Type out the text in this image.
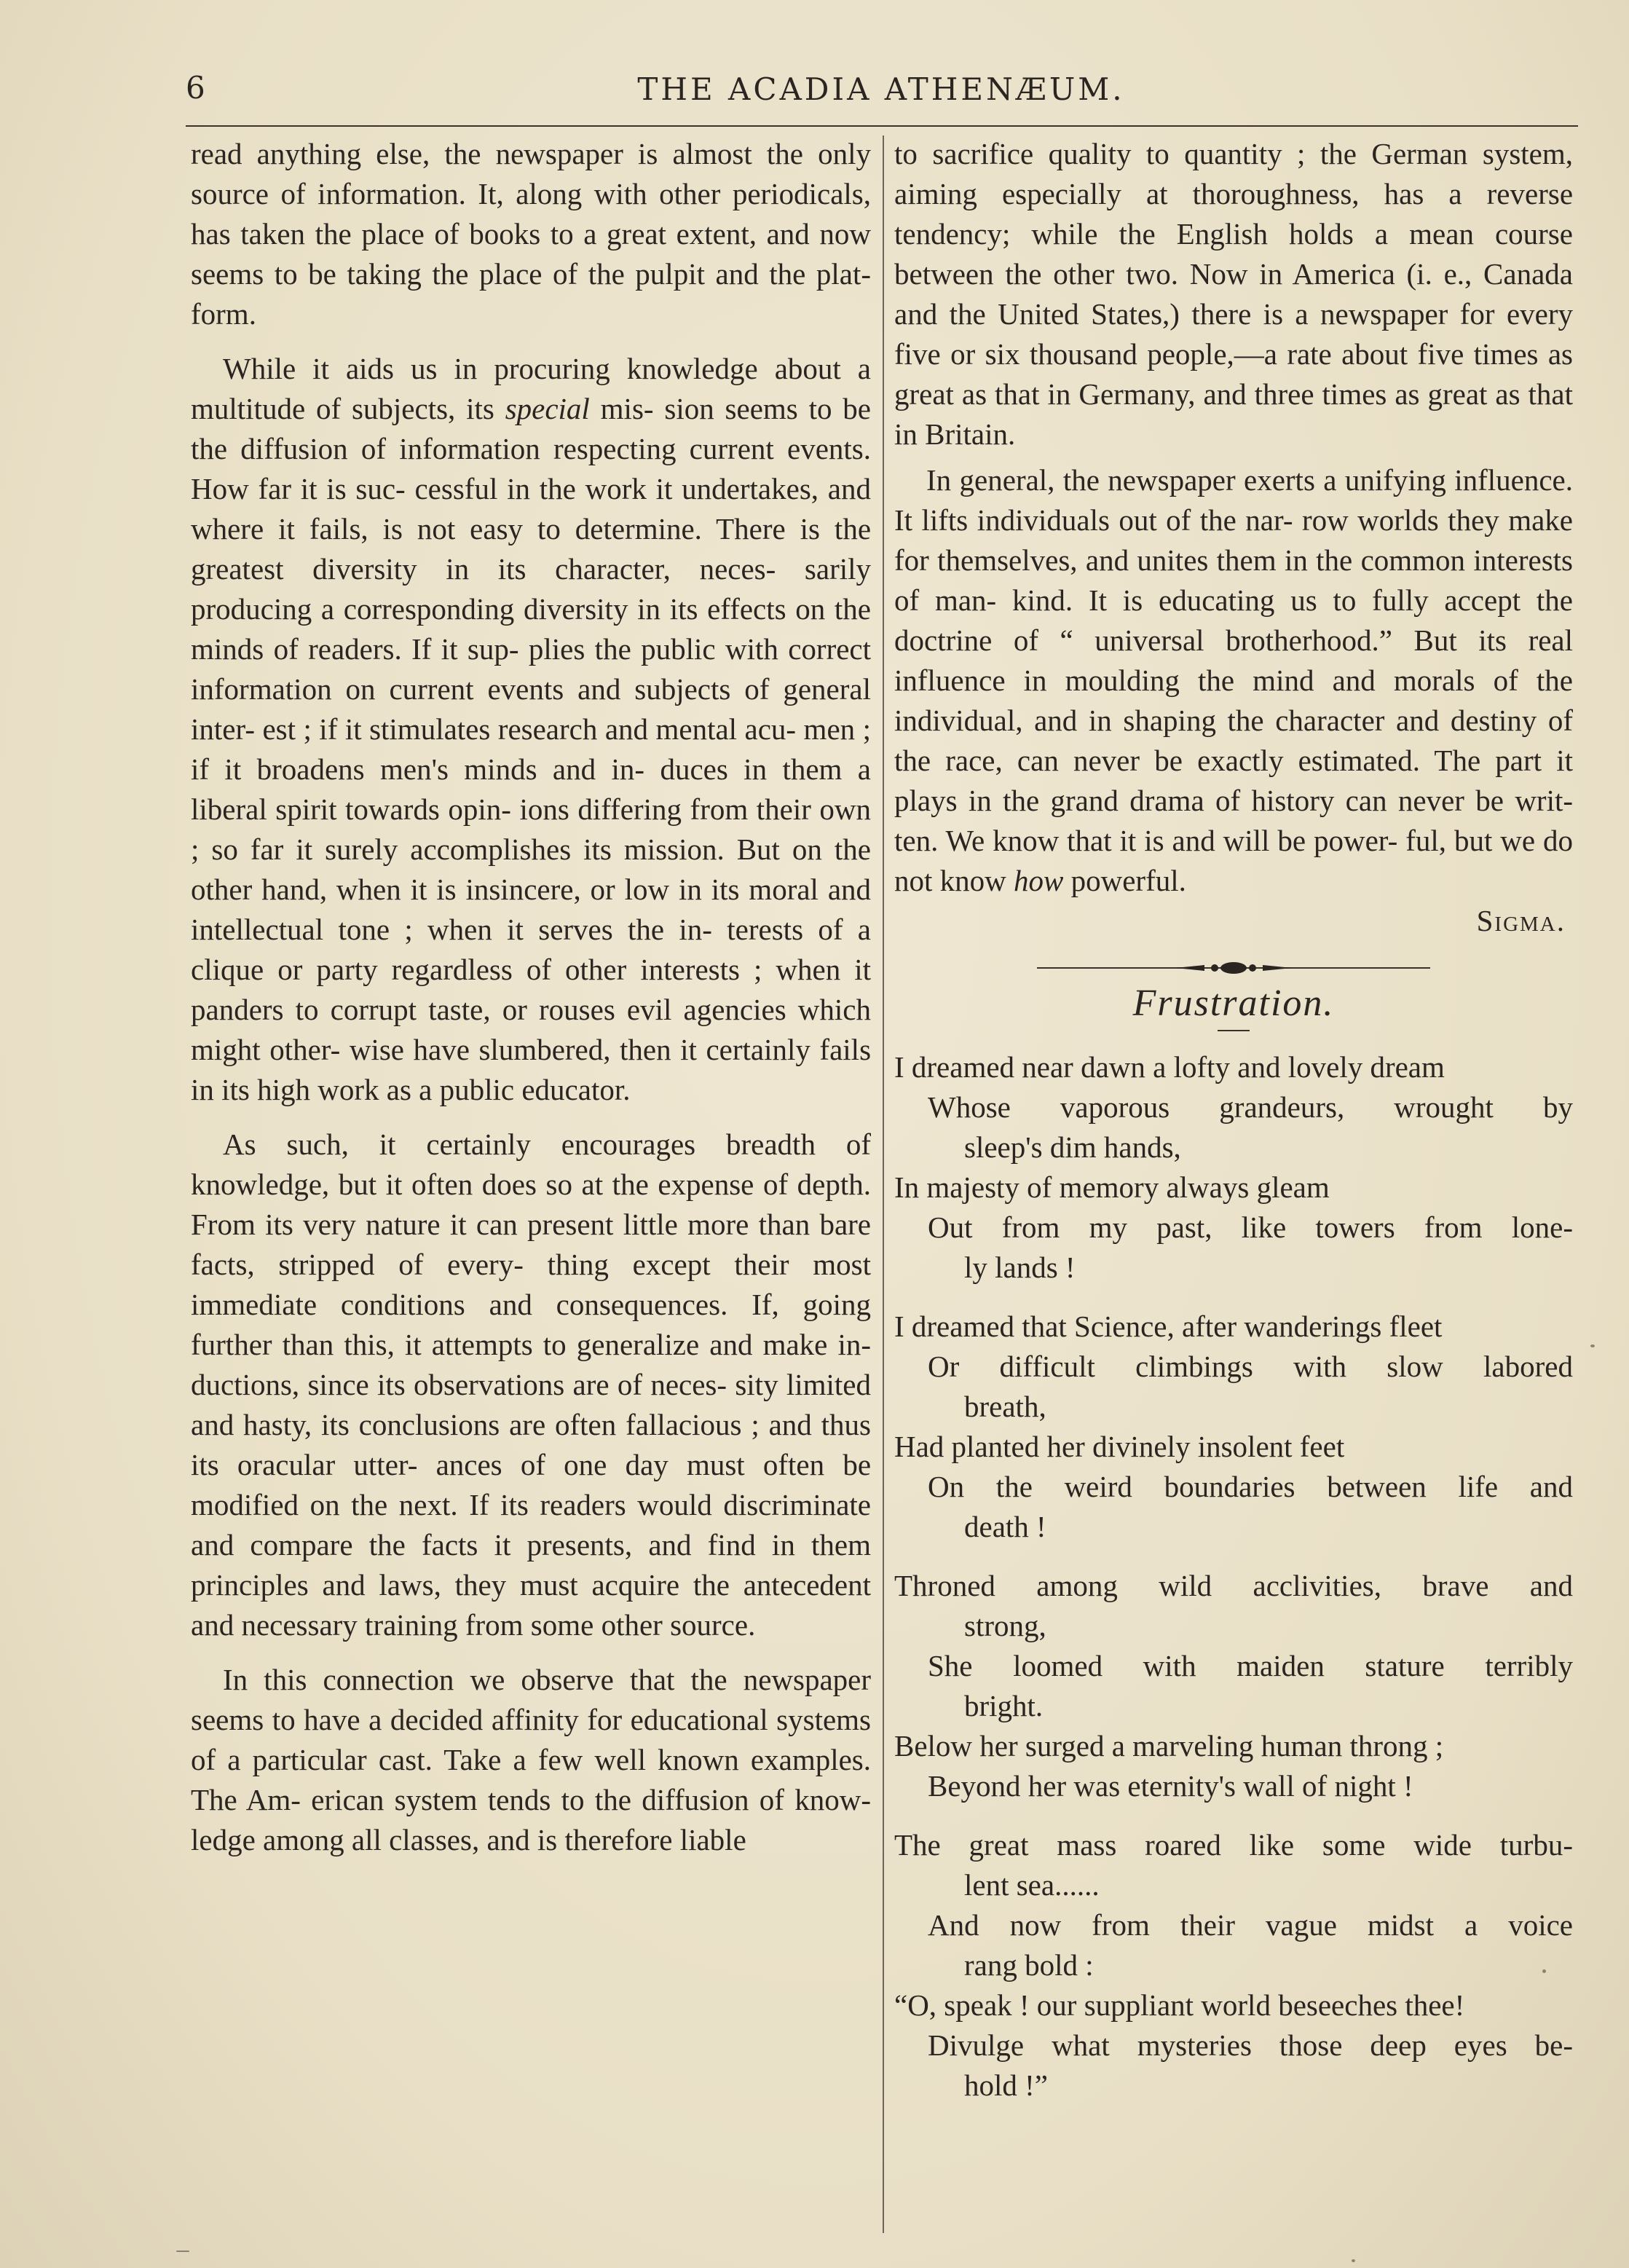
6	THE ACADIA ATHENÆUM.

read anything else, the newspaper is almost the only source of information. It, along with other periodicals, has taken the place of books to a great extent, and now seems to be taking the place of the pulpit and the plat- form.

While it aids us in procuring knowledge about a multitude of subjects, its special mis- sion seems to be the diffusion of information respecting current events. How far it is suc- cessful in the work it undertakes, and where it fails, is not easy to determine. There is the greatest diversity in its character, neces- sarily producing a corresponding diversity in its effects on the minds of readers. If it sup- plies the public with correct information on current events and subjects of general inter- est ; if it stimulates research and mental acu- men ; if it broadens men's minds and in- duces in them a liberal spirit towards opin- ions differing from their own ; so far it surely accomplishes its mission. But on the other hand, when it is insincere, or low in its moral and intellectual tone ; when it serves the in- terests of a clique or party regardless of other interests ; when it panders to corrupt taste, or rouses evil agencies which might other- wise have slumbered, then it certainly fails in its high work as a public educator.

As such, it certainly encourages breadth of knowledge, but it often does so at the expense of depth. From its very nature it can present little more than bare facts, stripped of every- thing except their most immediate conditions and consequences. If, going further than this, it attempts to generalize and make in- ductions, since its observations are of neces- sity limited and hasty, its conclusions are often fallacious ; and thus its oracular utter- ances of one day must often be modified on the next. If its readers would discriminate and compare the facts it presents, and find in them principles and laws, they must acquire the antecedent and necessary training from some other source.

In this connection we observe that the newspaper seems to have a decided affinity for educational systems of a particular cast. Take a few well known examples. The Am- erican system tends to the diffusion of know- ledge among all classes, and is therefore liable

to sacrifice quality to quantity ; the German system, aiming especially at thoroughness, has a reverse tendency; while the English holds a mean course between the other two. Now in America (i. e., Canada and the United States,) there is a newspaper for every five or six thousand people,—a rate about five times as great as that in Germany, and three times as great as that in Britain.

In general, the newspaper exerts a unifying influence. It lifts individuals out of the nar- row worlds they make for themselves, and unites them in the common interests of man- kind. It is educating us to fully accept the doctrine of “ universal brotherhood.” But its real influence in moulding the mind and morals of the individual, and in shaping the character and destiny of the race, can never be exactly estimated. The part it plays in the grand drama of history can never be writ- ten. We know that it is and will be power- ful, but we do not know how powerful.

Sigma.
Frustration.
I dreamed near dawn a lofty and lovely dream
Whose vaporous grandeurs, wrought by
sleep's dim hands,
In majesty of memory always gleam
Out from my past, like towers from lone-
ly lands !
I dreamed that Science, after wanderings fleet
Or difficult climbings with slow labored
breath,
Had planted her divinely insolent feet
On the weird boundaries between life and
death !
Throned among wild acclivities, brave and
strong,
She loomed with maiden stature terribly
bright.
Below her surged a marveling human throng ;
Beyond her was eternity's wall of night !
The great mass roared like some wide turbu-
lent sea......
And now from their vague midst a voice
rang bold :
“O, speak ! our suppliant world beseeches thee!
Divulge what mysteries those deep eyes be-
hold !”
